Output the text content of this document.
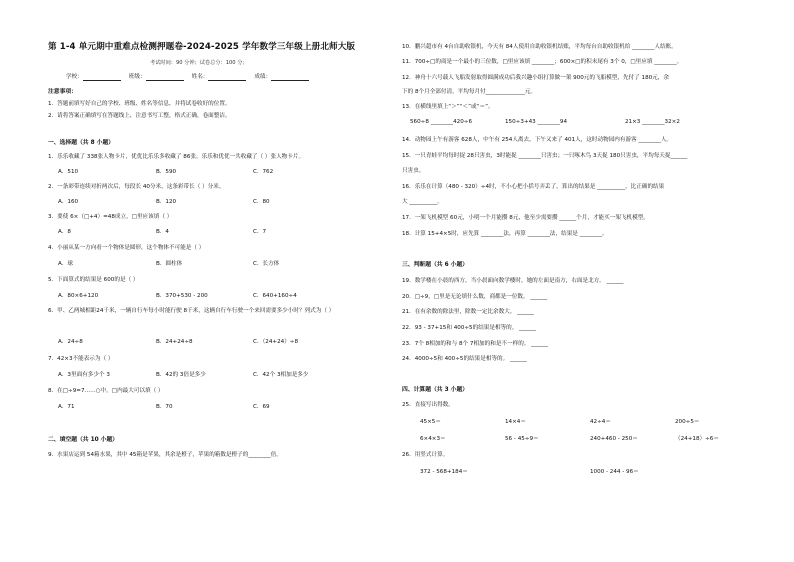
第 1-4 单元期中重难点检测押题卷-2024-2025 学年数学三年级上册北师大版
考试时间：90 分钟；试卷总分：100 分；
学校：	班级：	姓名：	成绩：
注意事项：
1．答题前填写好自己的学校、班级、姓名等信息，并将试卷收好的位置。
2．请将答案正确填写在答题线上，注意书写工整，格式正确，卷面整洁。
一、选择题（共 8 小题）
1．乐乐收藏了 338张人物卡片，优优比乐乐多收藏了 86张。乐乐和优优一共收藏了（ ）张人物卡片。
A．510	B．590	C．762
2．一条彩带连续对折两次后，每段长 40分米，这条彩带长（ ）分米。
A．160	B．120	C．80
3．要使 6×（□+4）=48成立，□里应该填（ ）
A．8	B．4	C．7
4．小丽从某一方向看一个物体是圆形，这个物体不可能是（ ）
A．球	B．圆柱体	C．长方体
5．下面算式的结果是 600的是（ ）
A．80×6+120	B．370+530 - 200	C．640+160÷4
6．甲、乙两城相距24千米，一辆自行车每小时能行驶 8千米，这辆自行车行驶一个来回需要多少小时？列式为（ ）
A．24÷8	B．24+24÷8	C．（24+24）÷8
7．42×3不能表示为（ ）
A．3里面有多少个 3	B．42的 3倍是多少	C．42个 3相加是多少
8．在□÷9=7……○中，□内最大可以填（ ）
A．71	B．70	C．69
二、填空题（共 10 小题）
9．水果店运到 54箱水果，其中 45箱是苹果，其余是橙子，苹果的箱数是橙子的________倍。
10．鹏兴超市有 4台自助收银机，今天有 84人使用自助收银机结账，平均每台自助收银机给 ________人结账。
11．700÷□的商是一个最小的三位数，□里应该填 ________；600×□的积末尾有 3个 0，□里应填 ________。
12．神舟十六号载人飞船发射取得圆满成功后我兴趣小组打算做一架 900元的飞船模型，先付了 180元，余
下的 8个月全部付清，平均每月付______________元。
13．在横线里填上“＞”“＜”或“＝”。
560÷8 ________420÷6	150÷3+43 ________94	21×3 ________32×2
14．动物园上午有游客 628人，中午有 254人离去，下午又来了 401人，这时动物园内有游客 ________人。
15．一只青蛙平均每时捉 28只害虫，3时能捉 ________只害虫；一只啄木鸟 3天捉 180只害虫，平均每天捉______
只害虫。
16．乐乐在计算（480 - 320）÷4时，不小心把小括号弄丢了，算出的结果是 __________，比正确的结果
大 __________。
17．一架飞机模型 60元，小明一个月能攒 8元，他至少需要攒 ______个月，才能买一架飞机模型。
18．计算 15+4×5时，应先算 ________法，再算 ________法，结果是 ________。
三、判断题（共 6 小题）
19．数学楼在小晨的西方，当小晨面向数学楼时，她的左面是南方，右面是北方。 ______
20．□÷9，□里是无论填什么数，商都是一位数。 ______
21．在有余数的除法里，除数一定比余数大。 ______
22．93 - 37+15和 400÷5的结果是相等的。 ______
23．7个 8相加的和与 8个 7相加的和是不一样的。 ______
24．4000÷5和 400÷5的结果是相等的。 ______
四、计算题（共 3 小题）
25．直接写出得数。
45×5＝	14×4＝	42÷4＝	200÷5＝
6×4×3＝	56 - 45÷9＝	240+460 - 250＝	（24+18）÷6＝
26．用竖式计算。
372 - 568+184＝	1000 - 244 - 96＝
